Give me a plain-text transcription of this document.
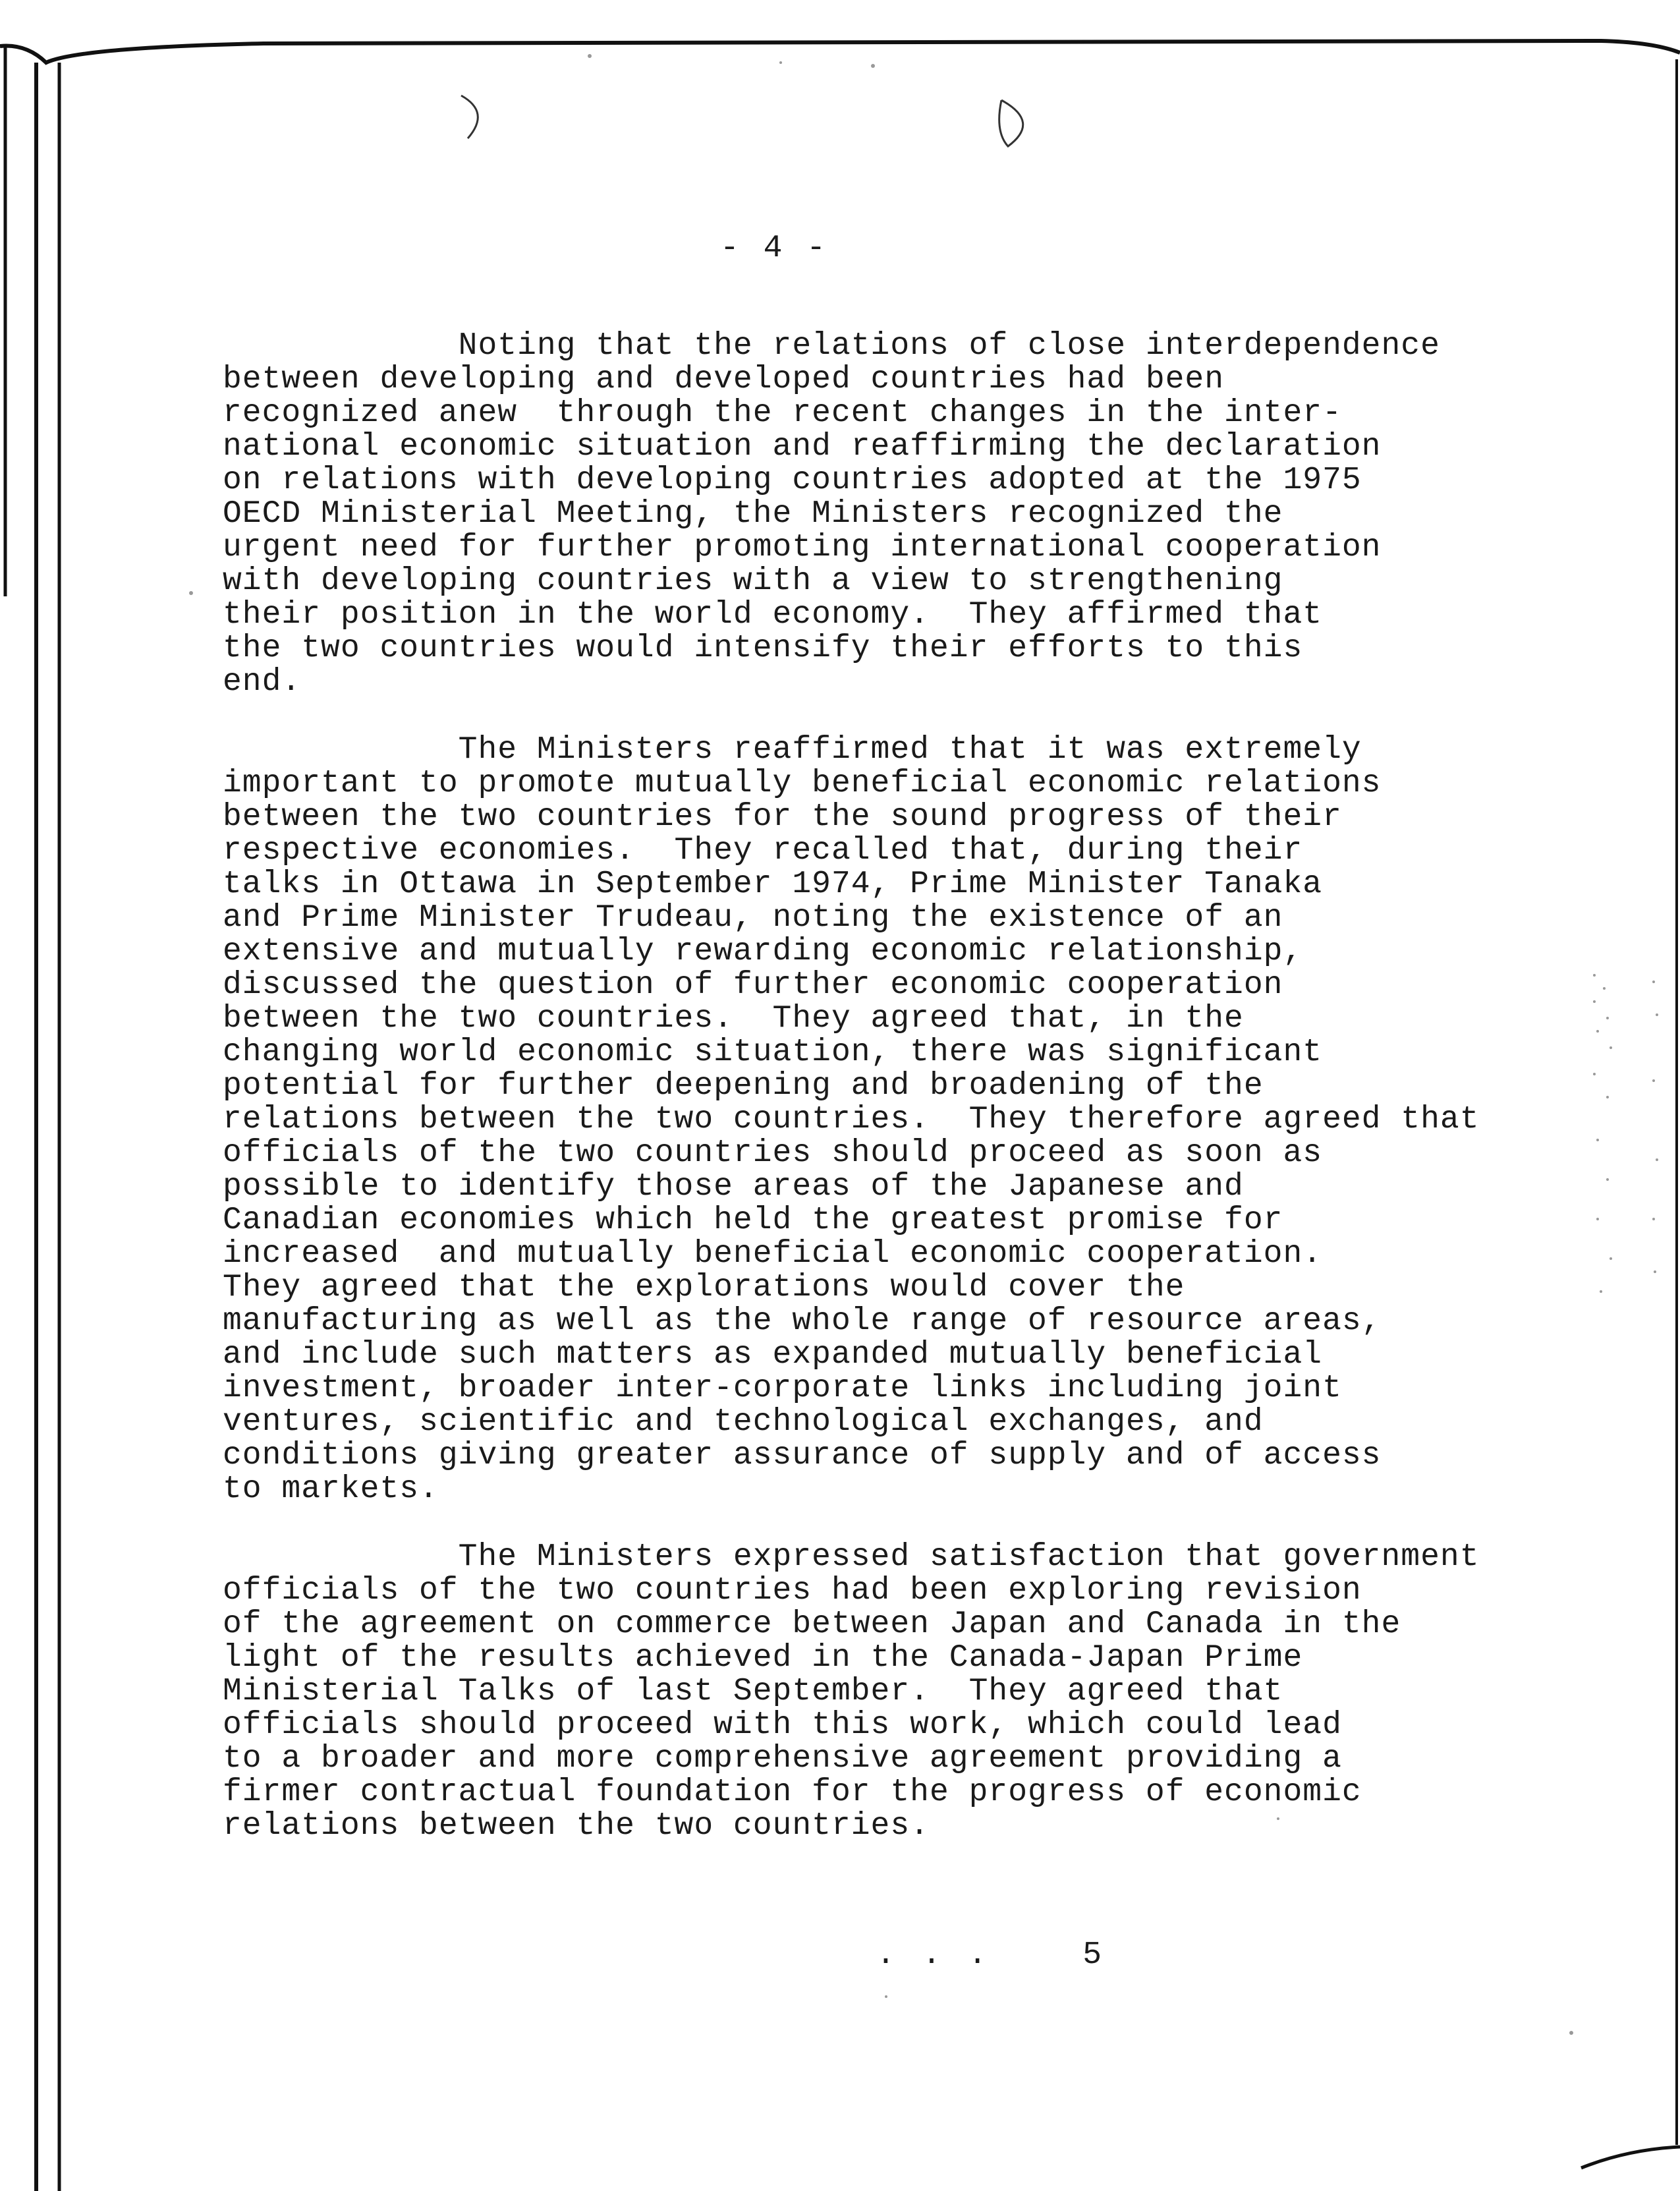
- 4 -

Noting that the relations of close interdependence
between developing and developed countries had been
recognized anew  through the recent changes in the inter-
national economic situation and reaffirming the declaration
on relations with developing countries adopted at the 1975
OECD Ministerial Meeting, the Ministers recognized the
urgent need for further promoting international cooperation
with developing countries with a view to strengthening
their position in the world economy.  They affirmed that
the two countries would intensify their efforts to this
end.

The Ministers reaffirmed that it was extremely
important to promote mutually beneficial economic relations
between the two countries for the sound progress of their
respective economies.  They recalled that, during their
talks in Ottawa in September 1974, Prime Minister Tanaka
and Prime Minister Trudeau, noting the existence of an
extensive and mutually rewarding economic relationship,
discussed the question of further economic cooperation
between the two countries.  They agreed that, in the
changing world economic situation, there was significant
potential for further deepening and broadening of the
relations between the two countries.  They therefore agreed that
officials of the two countries should proceed as soon as
possible to identify those areas of the Japanese and
Canadian economies which held the greatest promise for
increased  and mutually beneficial economic cooperation.
They agreed that the explorations would cover the
manufacturing as well as the whole range of resource areas,
and include such matters as expanded mutually beneficial
investment, broader inter-corporate links including joint
ventures, scientific and technological exchanges, and
conditions giving greater assurance of supply and of access
to markets.

The Ministers expressed satisfaction that government
officials of the two countries had been exploring revision
of the agreement on commerce between Japan and Canada in the
light of the results achieved in the Canada-Japan Prime
Ministerial Talks of last September.  They agreed that
officials should proceed with this work, which could lead
to a broader and more comprehensive agreement providing a
firmer contractual foundation for the progress of economic
relations between the two countries.

. . .    5
